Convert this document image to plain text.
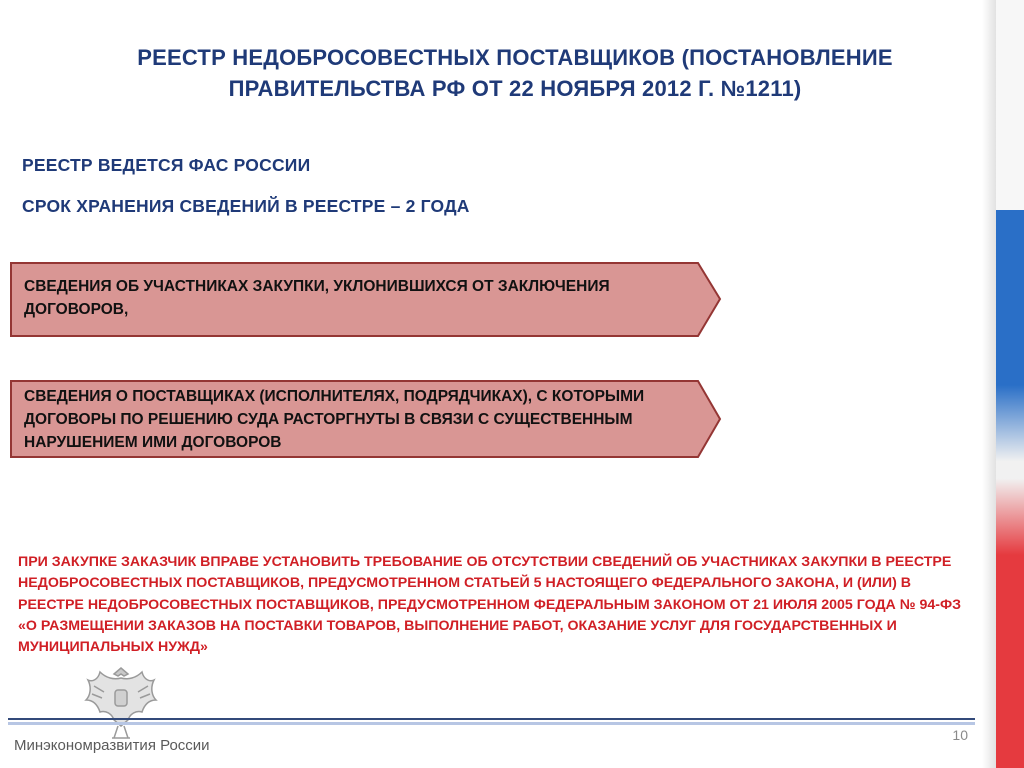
РЕЕСТР НЕДОБРОСОВЕСТНЫХ ПОСТАВЩИКОВ (ПОСТАНОВЛЕНИЕ ПРАВИТЕЛЬСТВА РФ ОТ 22 НОЯБРЯ 2012 Г. №1211)
РЕЕСТР ВЕДЕТСЯ ФАС РОССИИ
СРОК ХРАНЕНИЯ СВЕДЕНИЙ В РЕЕСТРЕ – 2 ГОДА
СВЕДЕНИЯ ОБ УЧАСТНИКАХ ЗАКУПКИ, УКЛОНИВШИХСЯ ОТ ЗАКЛЮЧЕНИЯ ДОГОВОРОВ,
СВЕДЕНИЯ О ПОСТАВЩИКАХ (ИСПОЛНИТЕЛЯХ, ПОДРЯДЧИКАХ), С КОТОРЫМИ ДОГОВОРЫ ПО РЕШЕНИЮ СУДА РАСТОРГНУТЫ В СВЯЗИ С СУЩЕСТВЕННЫМ НАРУШЕНИЕМ ИМИ ДОГОВОРОВ
ПРИ ЗАКУПКЕ ЗАКАЗЧИК ВПРАВЕ УСТАНОВИТЬ ТРЕБОВАНИЕ ОБ ОТСУТСТВИИ СВЕДЕНИЙ ОБ УЧАСТНИКАХ ЗАКУПКИ В РЕЕСТРЕ НЕДОБРОСОВЕСТНЫХ ПОСТАВЩИКОВ, ПРЕДУСМОТРЕННОМ СТАТЬЕЙ 5 НАСТОЯЩЕГО ФЕДЕРАЛЬНОГО ЗАКОНА, И (ИЛИ) В РЕЕСТРЕ НЕДОБРОСОВЕСТНЫХ ПОСТАВЩИКОВ, ПРЕДУСМОТРЕННОМ ФЕДЕРАЛЬНЫМ ЗАКОНОМ ОТ 21 ИЮЛЯ 2005 ГОДА № 94-ФЗ «О РАЗМЕЩЕНИИ ЗАКАЗОВ НА ПОСТАВКИ ТОВАРОВ, ВЫПОЛНЕНИЕ РАБОТ, ОКАЗАНИЕ УСЛУГ ДЛЯ ГОСУДАРСТВЕННЫХ И МУНИЦИПАЛЬНЫХ НУЖД»
Минэкономразвития России
10
